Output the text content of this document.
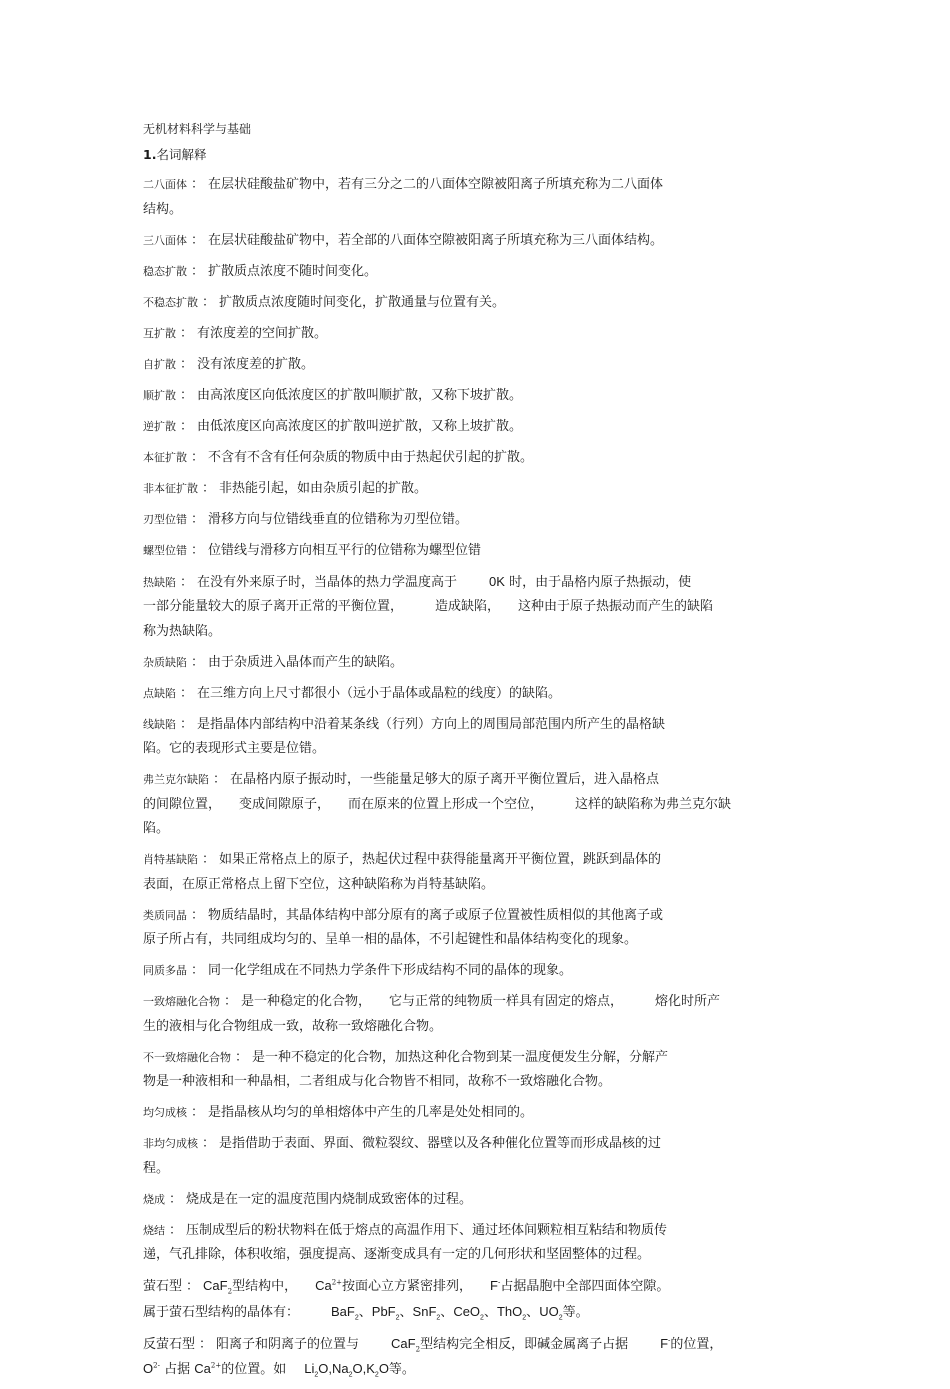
无机材料科学与基础
1.名词解释

二八面体 ： 在层状硅酸盐矿物中，若有三分之二的八面体空隙被阳离子所填充称为二八面体

结构。

三八面体 ： 在层状硅酸盐矿物中，若全部的八面体空隙被阳离子所填充称为三八面体结构。

稳态扩散 ： 扩散质点浓度不随时间变化。

不稳态扩散 ： 扩散质点浓度随时间变化，扩散通量与位置有关。

互扩散 ： 有浓度差的空间扩散。

自扩散 ： 没有浓度差的扩散。

顺扩散 ： 由高浓度区向低浓度区的扩散叫顺扩散，又称下坡扩散。

逆扩散 ： 由低浓度区向高浓度区的扩散叫逆扩散，又称上坡扩散。

本征扩散 ： 不含有不含有任何杂质的物质中由于热起伏引起的扩散。

非本征扩散 ： 非热能引起，如由杂质引起的扩散。

刃型位错 ： 滑移方向与位错线垂直的位错称为刃型位错。

螺型位错 ： 位错线与滑移方向相互平行的位错称为螺型位错

热缺陷 ： 在没有外来原子时，当晶体的热力学温度高于 0K 时，由于晶格内原子热振动，使

一部分能量较大的原子离开正常的平衡位置， 造成缺陷， 这种由于原子热振动而产生的缺陷

称为热缺陷。

杂质缺陷 ： 由于杂质进入晶体而产生的缺陷。

点缺陷 ： 在三维方向上尺寸都很小（远小于晶体或晶粒的线度）的缺陷。

线缺陷 ： 是指晶体内部结构中沿着某条线（行列）方向上的周围局部范围内所产生的晶格缺

陷。它的表现形式主要是位错。

弗兰克尔缺陷 ： 在晶格内原子振动时，一些能量足够大的原子离开平衡位置后，进入晶格点

的间隙位置， 变成间隙原子， 而在原来的位置上形成一个空位， 这样的缺陷称为弗兰克尔缺

陷。

肖特基缺陷 ： 如果正常格点上的原子，热起伏过程中获得能量离开平衡位置，跳跃到晶体的

表面，在原正常格点上留下空位，这种缺陷称为肖特基缺陷。

类质同晶 ： 物质结晶时，其晶体结构中部分原有的离子或原子位置被性质相似的其他离子或

原子所占有，共同组成均匀的、呈单一相的晶体，不引起键性和晶体结构变化的现象。

同质多晶 ： 同一化学组成在不同热力学条件下形成结构不同的晶体的现象。

一致熔融化合物 ： 是一种稳定的化合物， 它与正常的纯物质一样具有固定的熔点， 熔化时所产

生的液相与化合物组成一致，故称一致熔融化合物。

不一致熔融化合物 ： 是一种不稳定的化合物，加热这种化合物到某一温度便发生分解，分解产

物是一种液相和一种晶相，二者组成与化合物皆不相同，故称不一致熔融化合物。

均匀成核 ： 是指晶核从均匀的单相熔体中产生的几率是处处相同的。

非均匀成核 ： 是指借助于表面、界面、微粒裂纹、器壁以及各种催化位置等而形成晶核的过

程。

烧成 ： 烧成是在一定的温度范围内烧制成致密体的过程。

烧结 ： 压制成型后的粉状物料在低于熔点的高温作用下、通过坯体间颗粒相互粘结和物质传

递，气孔排除，体积收缩，强度提高、逐渐变成具有一定的几何形状和坚固整体的过程。

萤石型 ： CaF$_2$型结构中， $Ca^{2+}$按面心立方紧密排列， F-占据晶胞中全部四面体空隙。

属于萤石型结构的晶体有： BaF$_2$、PbF$_2$、SnF$_2$、CeO$_2$、ThO$_2$、$UO_2$等。

反萤石型 ： 阳离子和阴离子的位置与 CaF$_2$型结构完全相反，即碱金属离子占据 F-的位置，

$O^{2-}$ 占据 $Ca^{2+}$的位置。如 $Li_2O,Na_2O,K_2O$等。
